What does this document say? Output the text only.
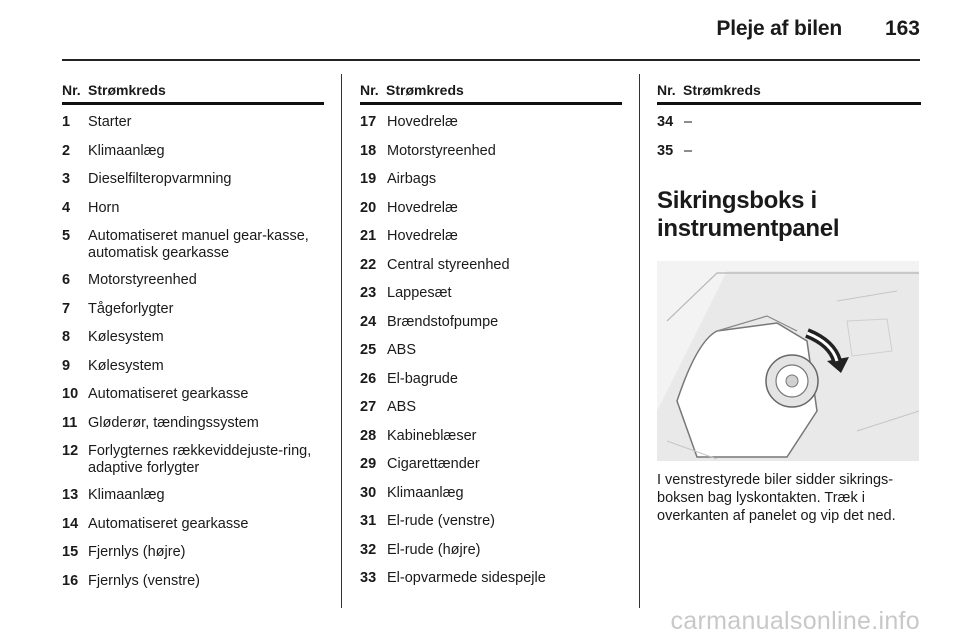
Pleje af bilen 163
Nr. Strømkreds
1	Starter
2	Klimaanlæg
3	Dieselfilteropvarmning
4	Horn
5	Automatiseret manuel gear-kasse, automatisk gearkasse
6	Motorstyreenhed
7	Tågeforlygter
8	Kølesystem
9	Kølesystem
10 Automatiseret gearkasse
11 Gløderør, tændingssystem
12 Forlygternes rækkeviddejuste-ring, adaptive forlygter
13 Klimaanlæg
14 Automatiseret gearkasse
15 Fjernlys (højre)
16 Fjernlys (venstre)
Nr. Strømkreds
17 Hovedrelæ
18 Motorstyreenhed
19 Airbags
20 Hovedrelæ
21 Hovedrelæ
22 Central styreenhed
23 Lappesæt
24 Brændstofpumpe
25 ABS
26 El-bagrude
27 ABS
28 Kabineblæser
29 Cigarettænder
30 Klimaanlæg
31 El-rude (venstre)
32 El-rude (højre)
33 El-opvarmede sidespejle
Nr. Strømkreds
34 –
35 –
Sikringsboks i instrumentpanel
I venstrestyrede biler sidder sikrings-boksen bag lyskontakten. Træk i overkanten af panelet og vip det ned.
carmanualsonline.info
